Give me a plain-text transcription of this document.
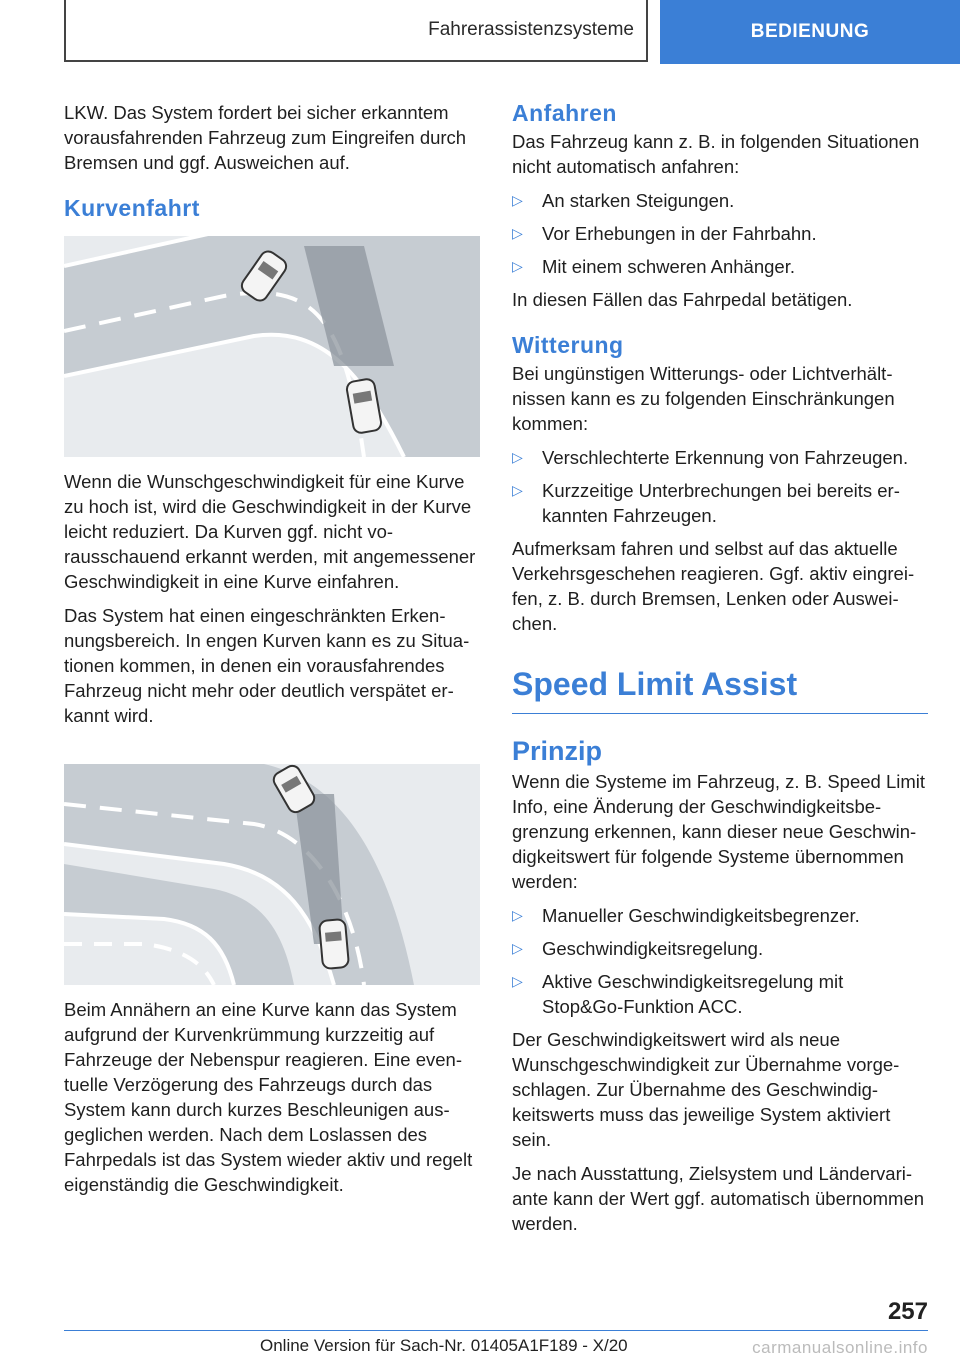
Fahrerassistenzsysteme	BEDIENUNG

LKW. Das System fordert bei sicher erkanntem vorausfahrenden Fahrzeug zum Eingreifen durch Bremsen und ggf. Ausweichen auf.

Kurvenfahrt

Wenn die Wunschgeschwindigkeit für eine Kurve zu hoch ist, wird die Geschwindigkeit in der Kurve leicht reduziert. Da Kurven ggf. nicht vorausschauend erkannt werden, mit angemessener Geschwindigkeit in eine Kurve einfahren.

Das System hat einen eingeschränkten Erkennungsbereich. In engen Kurven kann es zu Situationen kommen, in denen ein vorausfahrendes Fahrzeug nicht mehr oder deutlich verspätet erkannt wird.

Beim Annähern an eine Kurve kann das System aufgrund der Kurvenkrümmung kurzzeitig auf Fahrzeuge der Nebenspur reagieren. Eine eventuelle Verzögerung des Fahrzeugs durch das System kann durch kurzes Beschleunigen ausgeglichen werden. Nach dem Loslassen des Fahrpedals ist das System wieder aktiv und regelt eigenständig die Geschwindigkeit.

Anfahren

Das Fahrzeug kann z. B. in folgenden Situationen nicht automatisch anfahren:

▷ An starken Steigungen.
▷ Vor Erhebungen in der Fahrbahn.
▷ Mit einem schweren Anhänger.

In diesen Fällen das Fahrpedal betätigen.

Witterung

Bei ungünstigen Witterungs- oder Lichtverhältnissen kann es zu folgenden Einschränkungen kommen:

▷ Verschlechterte Erkennung von Fahrzeugen.
▷ Kurzzeitige Unterbrechungen bei bereits erkannten Fahrzeugen.

Aufmerksam fahren und selbst auf das aktuelle Verkehrsgeschehen reagieren. Ggf. aktiv eingreifen, z. B. durch Bremsen, Lenken oder Ausweichen.

Speed Limit Assist
Prinzip

Wenn die Systeme im Fahrzeug, z. B. Speed Limit Info, eine Änderung der Geschwindigkeitsbegrenzung erkennen, kann dieser neue Geschwindigkeitswert für folgende Systeme übernommen werden:

▷ Manueller Geschwindigkeitsbegrenzer.
▷ Geschwindigkeitsregelung.
▷ Aktive Geschwindigkeitsregelung mit Stop&Go-Funktion ACC.

Der Geschwindigkeitswert wird als neue Wunschgeschwindigkeit zur Übernahme vorgeschlagen. Zur Übernahme des Geschwindigkeitswerts muss das jeweilige System aktiviert sein.

Je nach Ausstattung, Zielsystem und Ländervariante kann der Wert ggf. automatisch übernommen werden.

257
Online Version für Sach-Nr. 01405A1F189 - X/20	carmanualsonline.info
